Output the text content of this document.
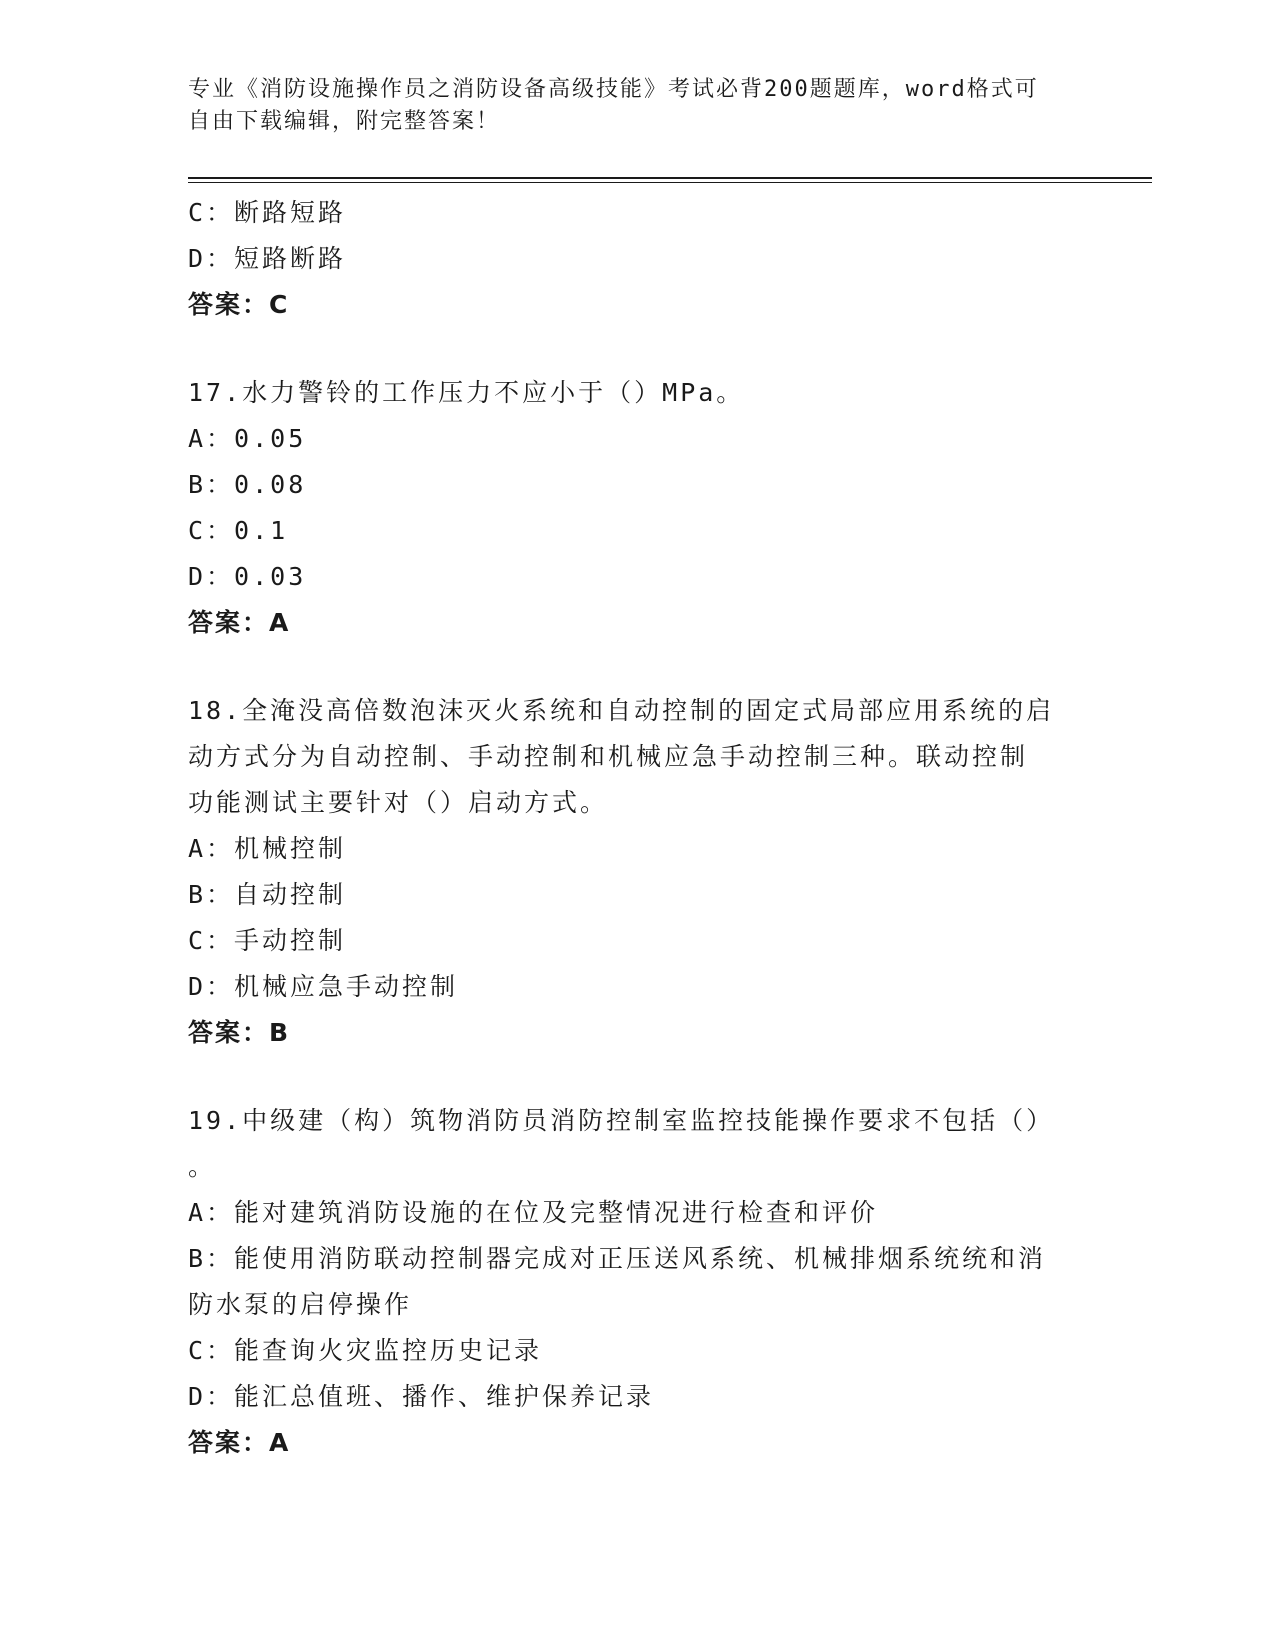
专业《消防设施操作员之消防设备高级技能》考试必背200题题库，word格式可
自由下载编辑，附完整答案！
C：断路短路
D：短路断路
答案：C
17.水力警铃的工作压力不应小于（）MPa。
A：0.05
B：0.08
C：0.1
D：0.03
答案：A
18.全淹没高倍数泡沫灭火系统和自动控制的固定式局部应用系统的启
动方式分为自动控制、手动控制和机械应急手动控制三种。联动控制
功能测试主要针对（）启动方式。
A：机械控制
B：自动控制
C：手动控制
D：机械应急手动控制
答案：B
19.中级建（构）筑物消防员消防控制室监控技能操作要求不包括（）
。
A：能对建筑消防设施的在位及完整情况进行检查和评价
B：能使用消防联动控制器完成对正压送风系统、机械排烟系统统和消
防水泵的启停操作
C：能查询火灾监控历史记录
D：能汇总值班、播作、维护保养记录
答案：A
